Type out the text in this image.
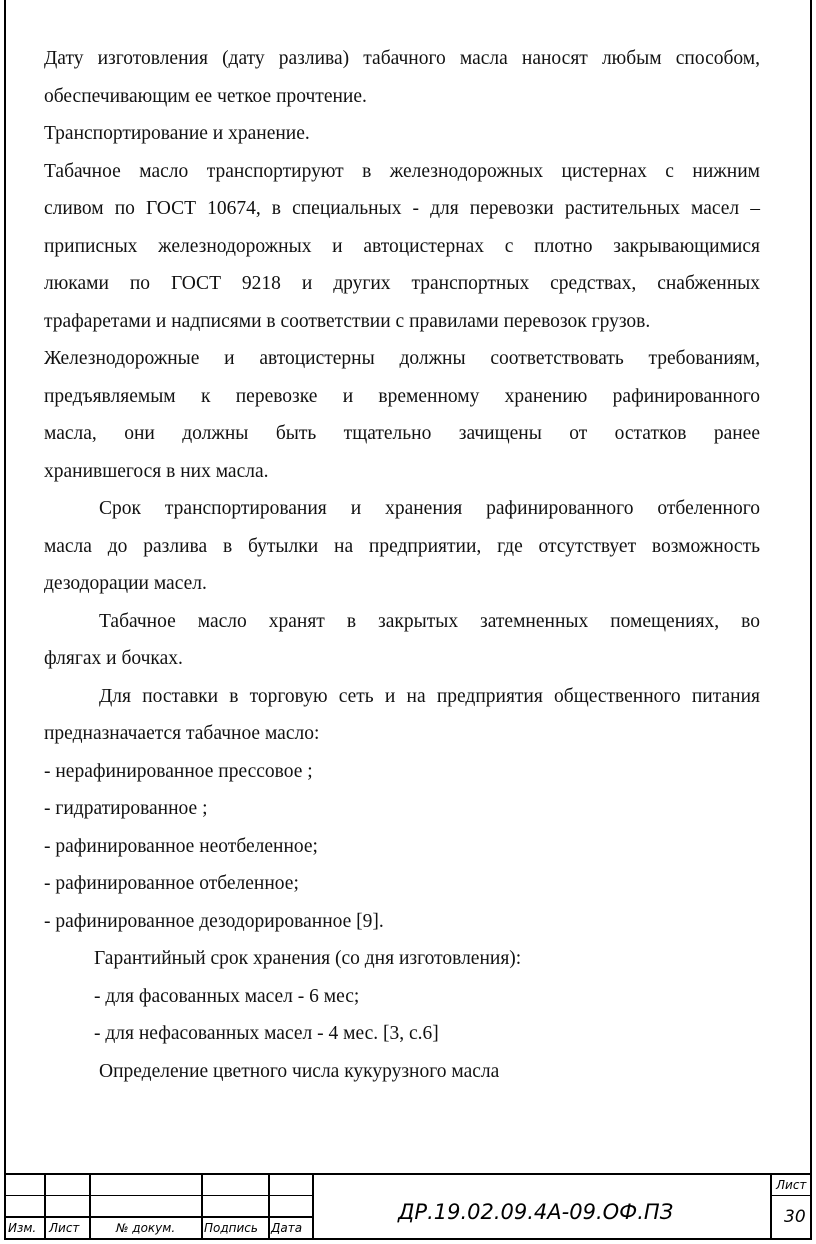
Дату изготовления (дату разлива) табачного масла наносят любым способом,

обеспечивающим ее четкое прочтение.

Транспортирование и хранение.

Табачное масло транспортируют в железнодорожных цистернах с нижним

сливом по ГОСТ 10674, в специальных - для перевозки растительных масел –

приписных железнодорожных и автоцистернах с плотно закрывающимися

люками по ГОСТ 9218 и других транспортных средствах, снабженных

трафаретами и надписями в соответствии с правилами перевозок грузов.

Железнодорожные и автоцистерны должны соответствовать требованиям,

предъявляемым к перевозке и временному хранению рафинированного

масла, они должны быть тщательно зачищены от остатков ранее

хранившегося в них масла.

Срок транспортирования и хранения рафинированного отбеленного

масла до разлива в бутылки на предприятии, где отсутствует возможность

дезодорации масел.

Табачное масло хранят в закрытых затемненных помещениях, во

флягах и бочках.

Для поставки в торговую сеть и на предприятия общественного питания

предназначается табачное масло:

- нерафинированное прессовое ;

- гидратированное ;

- рафинированное неотбеленное;

- рафинированное отбеленное;

- рафинированное дезодорированное [9].

Гарантийный срок хранения (со дня изготовления):

- для фасованных масел - 6 мес;

- для нефасованных масел - 4 мес. [3, с.6]

Определение цветного числа кукурузного масла

Изм. Лист	№ докум. Подпись Дата
ДР.19.02.09.4А-09.ОФ.ПЗ
Лист
30
